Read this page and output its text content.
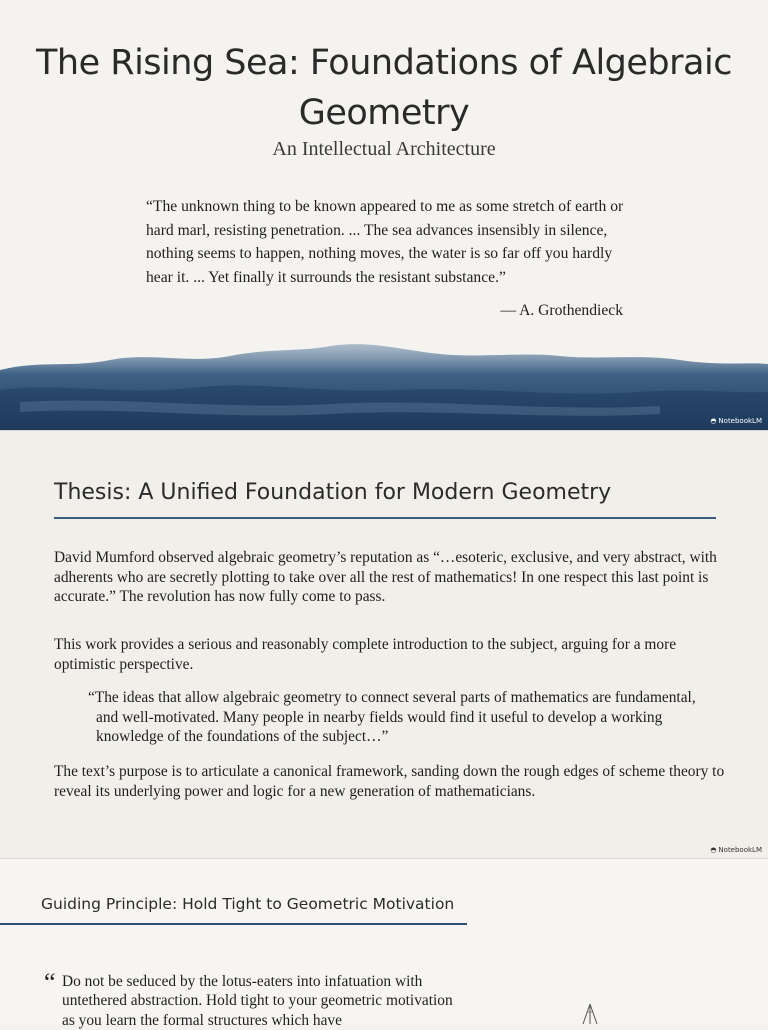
The Rising Sea: Foundations of Algebraic Geometry
An Intellectual Architecture
“The unknown thing to be known appeared to me as some stretch of earth or hard marl, resisting penetration. ... The sea advances insensibly in silence, nothing seems to happen, nothing moves, the water is so far off you hardly hear it. ... Yet finally it surrounds the resistant substance.”
— A. Grothendieck
◓ NotebookLM
◓ NotebookLM
Thesis: A Unified Foundation for Modern Geometry
David Mumford observed algebraic geometry’s reputation as “…esoteric, exclusive, and very abstract, with adherents who are secretly plotting to take over all the rest of mathematics! In one respect this last point is accurate.” The revolution has now fully come to pass.
This work provides a serious and reasonably complete introduction to the subject, arguing for a more optimistic perspective.
“The ideas that allow algebraic geometry to connect several parts of mathematics are fundamental, and well-motivated. Many people in nearby fields would find it useful to develop a working knowledge of the foundations of the subject…”
The text’s purpose is to articulate a canonical framework, sanding down the rough edges of scheme theory to reveal its underlying power and logic for a new generation of mathematicians.
Guiding Principle: Hold Tight to Geometric Motivation
“ Do not be seduced by the lotus-eaters into infatuation with untethered abstraction. Hold tight to your geometric motivation as you learn the formal structures which have
